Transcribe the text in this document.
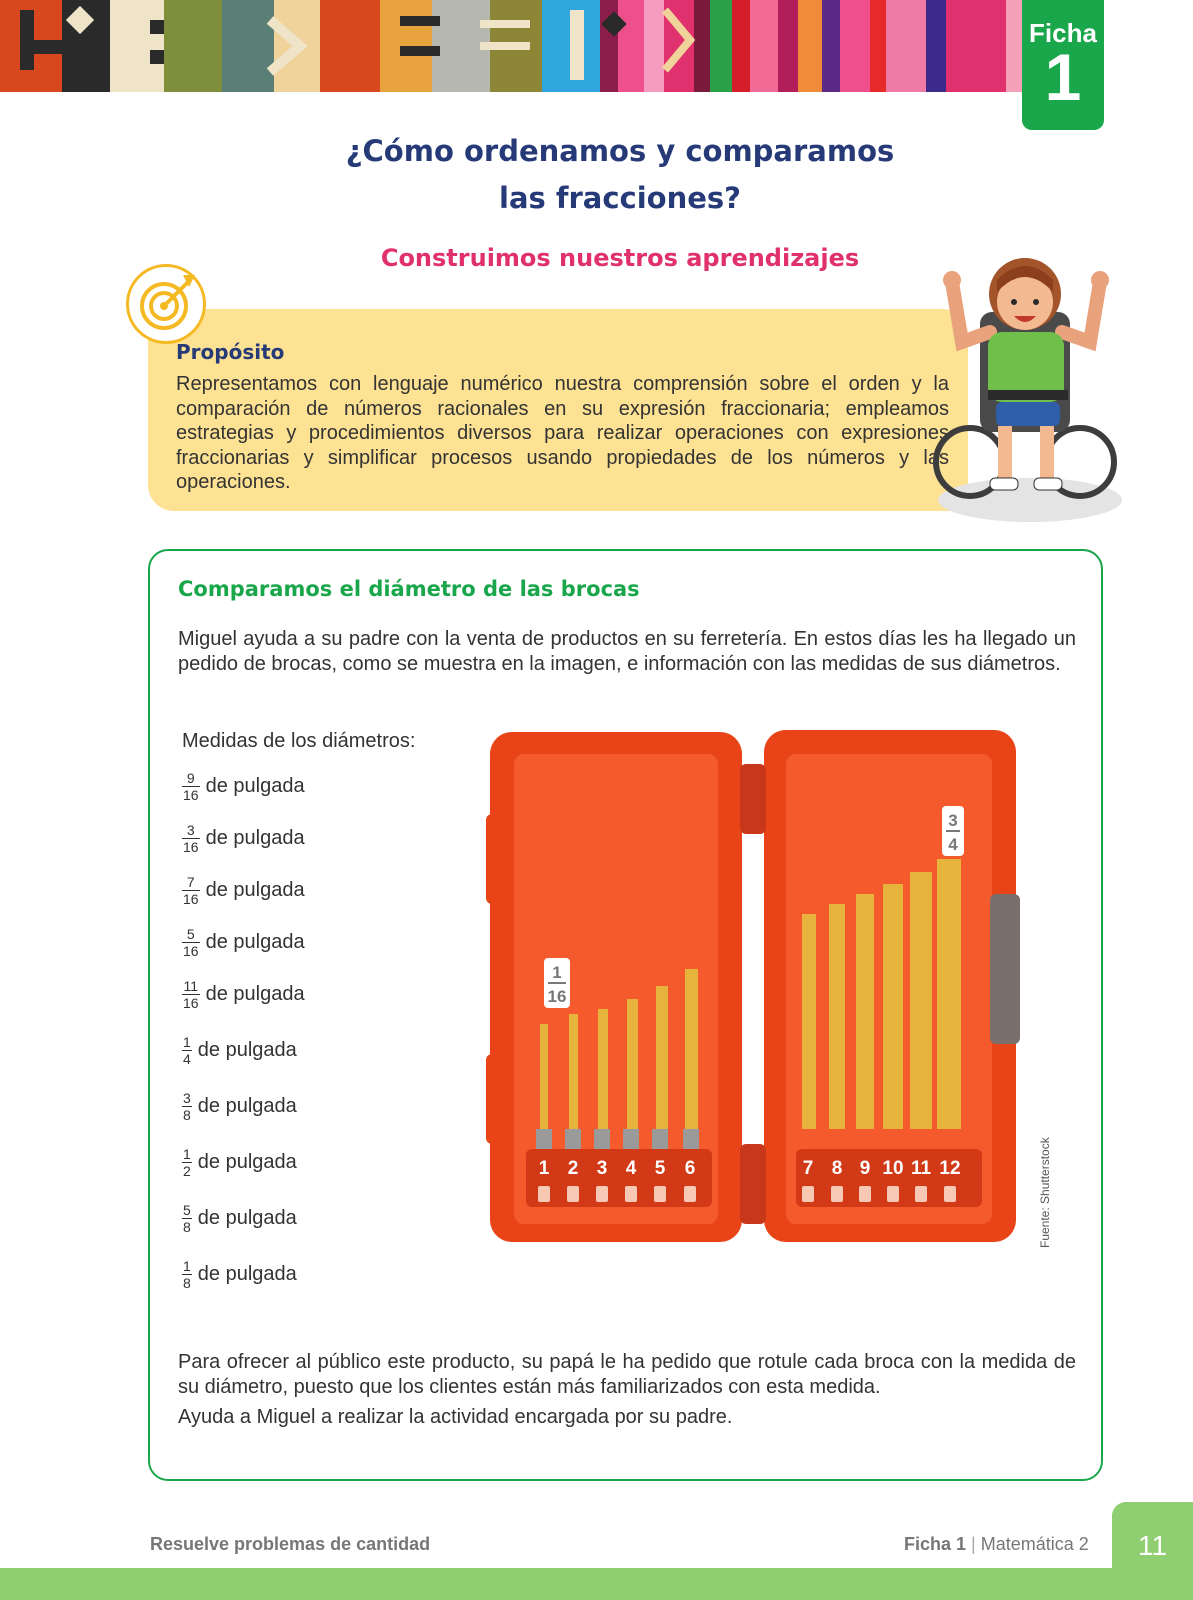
Ficha
1
¿Cómo ordenamos y comparamos
las fracciones?
Construimos nuestros aprendizajes
Propósito
Representamos con lenguaje numérico nuestra comprensión sobre el orden y la comparación de números racionales en su expresión fraccionaria; empleamos estrategias y procedimientos diversos para realizar operaciones con expresiones fraccionarias y simplificar procesos usando propiedades de los números y las operaciones.
Comparamos el diámetro de las brocas
Miguel ayuda a su padre con la venta de productos en su ferretería. En estos días les ha llegado un pedido de brocas, como se muestra en la imagen, e información con las medidas de sus diámetros.
Medidas de los diámetros:
$\frac{9}{16}$ de pulgada
$\frac{3}{16}$ de pulgada
$\frac{7}{16}$ de pulgada
$\frac{5}{16}$ de pulgada
$\frac{11}{16}$ de pulgada
$\frac{1}{4}$ de pulgada
$\frac{3}{8}$ de pulgada
$\frac{1}{2}$ de pulgada
$\frac{5}{8}$ de pulgada
$\frac{1}{8}$ de pulgada
1 2 3 4 5 6	7 8 9 10 11 12
1
16
3
4
Fuente: Shutterstock
Para ofrecer al público este producto, su papá le ha pedido que rotule cada broca con la medida de su diámetro, puesto que los clientes están más familiarizados con esta medida.
Ayuda a Miguel a realizar la actividad encargada por su padre.
Resuelve problemas de cantidad	Ficha 1 | Matemática 2	11
